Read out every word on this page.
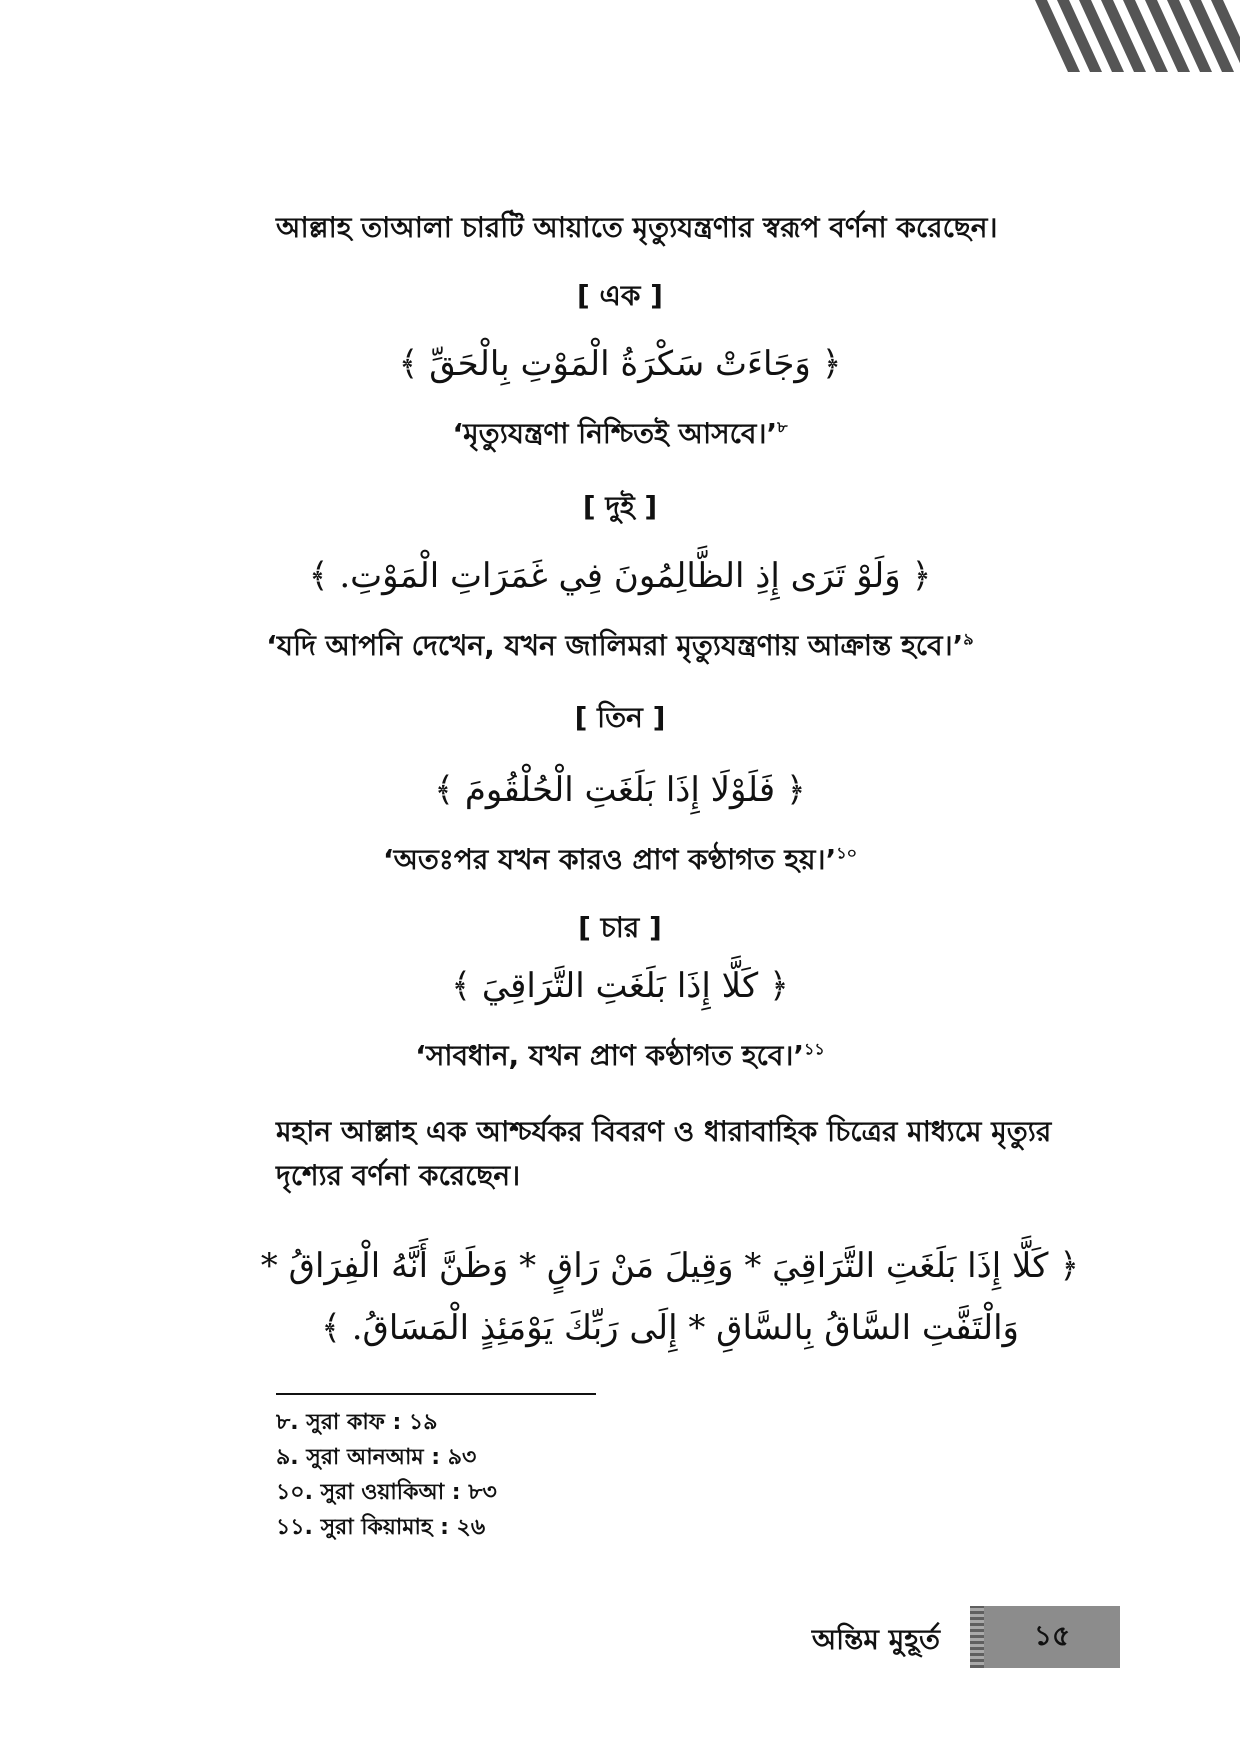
আল্লাহ তাআলা চারটি আয়াতে মৃত্যুযন্ত্রণার স্বরূপ বর্ণনা করেছেন।

[ এক ]

﴿ وَجَاءَتْ سَكْرَةُ الْمَوْتِ بِالْحَقِّ ﴾

‘মৃত্যুযন্ত্রণা নিশ্চিতই আসবে।’$^৮$

[ দুই ]

﴿ وَلَوْ تَرَى إِذِ الظَّالِمُونَ فِي غَمَرَاتِ الْمَوْتِ. ﴾

‘যদি আপনি দেখেন, যখন জালিমরা মৃত্যুযন্ত্রণায় আক্রান্ত হবে।’$^৯$

[ তিন ]

﴿ فَلَوْلَا إِذَا بَلَغَتِ الْحُلْقُومَ ﴾

‘অতঃপর যখন কারও প্রাণ কণ্ঠাগত হয়।’$^{১০}$

[ চার ]

﴿ كَلَّا إِذَا بَلَغَتِ التَّرَاقِيَ ﴾

‘সাবধান, যখন প্রাণ কণ্ঠাগত হবে।’$^{১১}$

মহান আল্লাহ এক আশ্চর্যকর বিবরণ ও ধারাবাহিক চিত্রের মাধ্যমে মৃত্যুর দৃশ্যের বর্ণনা করেছেন।

﴿ كَلَّا إِذَا بَلَغَتِ التَّرَاقِيَ * وَقِيلَ مَنْ رَاقٍ * وَظَنَّ أَنَّهُ الْفِرَاقُ *
وَالْتَفَّتِ السَّاقُ بِالسَّاقِ * إِلَى رَبِّكَ يَوْمَئِذٍ الْمَسَاقُ. ﴾
৮. সুরা কাফ : ১৯
৯. সুরা আনআম : ৯৩
১০. সুরা ওয়াকিআ : ৮৩
১১. সুরা কিয়ামাহ : ২৬

অন্তিম মুহূর্ত	১৫
